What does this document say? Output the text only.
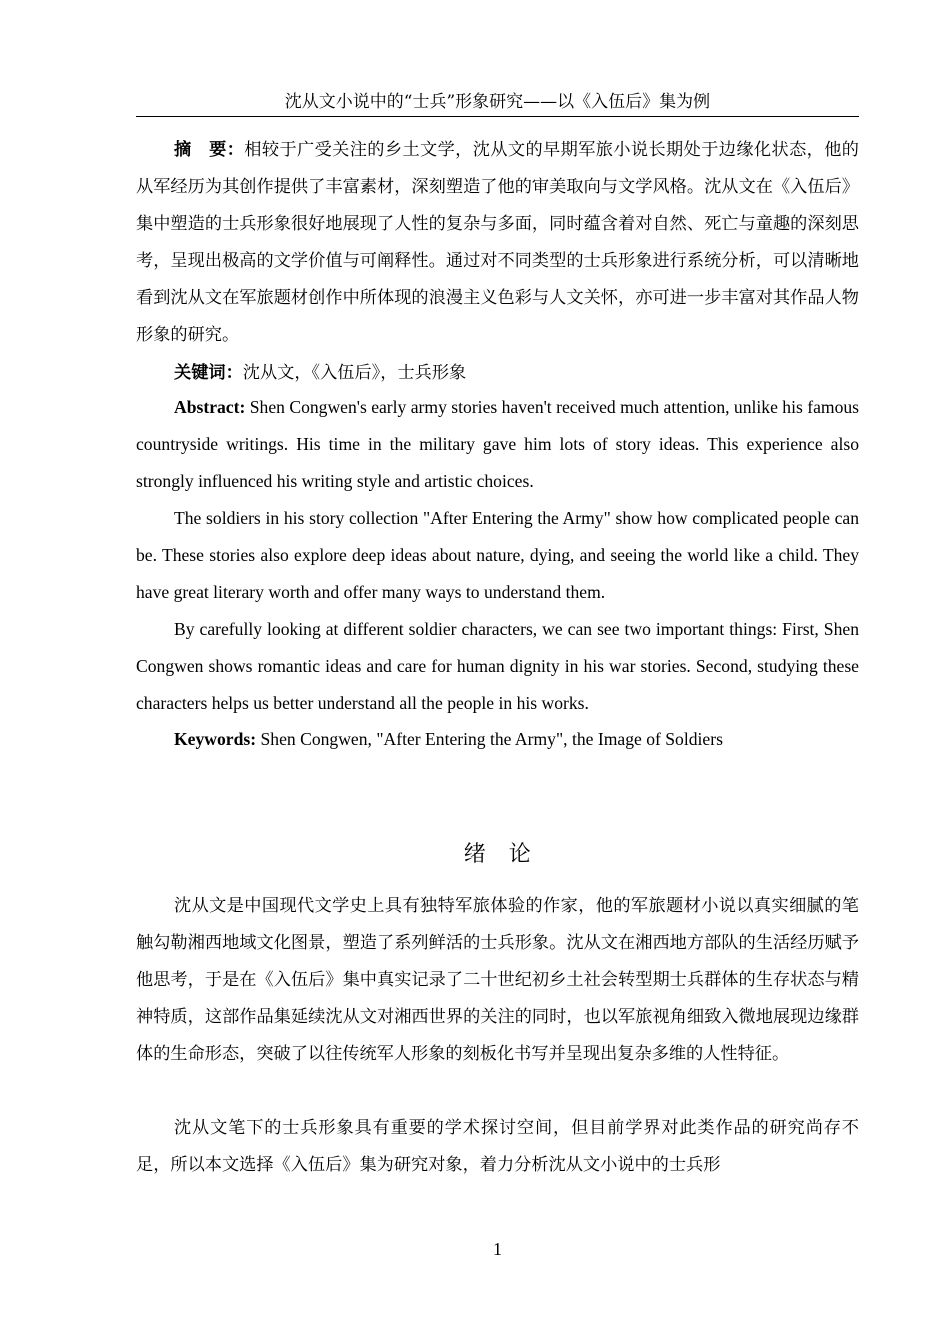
沈从文小说中的“士兵”形象研究——以《入伍后》集为例

摘　要：相较于广受关注的乡土文学，沈从文的早期军旅小说长期处于边缘化状态，他的从军经历为其创作提供了丰富素材，深刻塑造了他的审美取向与文学风格。沈从文在《入伍后》集中塑造的士兵形象很好地展现了人性的复杂与多面，同时蕴含着对自然、死亡与童趣的深刻思考，呈现出极高的文学价值与可阐释性。通过对不同类型的士兵形象进行系统分析，可以清晰地看到沈从文在军旅题材创作中所体现的浪漫主义色彩与人文关怀，亦可进一步丰富对其作品人物形象的研究。

关键词：沈从文，《入伍后》，士兵形象

Abstract: Shen Congwen's early army stories haven't received much attention, unlike his famous countryside writings. His time in the military gave him lots of story ideas. This experience also strongly influenced his writing style and artistic choices.

The soldiers in his story collection "After Entering the Army" show how complicated people can be. These stories also explore deep ideas about nature, dying, and seeing the world like a child. They have great literary worth and offer many ways to understand them.

By carefully looking at different soldier characters, we can see two important things: First, Shen Congwen shows romantic ideas and care for human dignity in his war stories. Second, studying these characters helps us better understand all the people in his works.

Keywords: Shen Congwen, "After Entering the Army", the Image of Soldiers

绪　论

沈从文是中国现代文学史上具有独特军旅体验的作家，他的军旅题材小说以真实细腻的笔触勾勒湘西地域文化图景，塑造了系列鲜活的士兵形象。沈从文在湘西地方部队的生活经历赋予他思考，于是在《入伍后》集中真实记录了二十世纪初乡土社会转型期士兵群体的生存状态与精神特质，这部作品集延续沈从文对湘西世界的关注的同时，也以军旅视角细致入微地展现边缘群体的生命形态，突破了以往传统军人形象的刻板化书写并呈现出复杂多维的人性特征。

沈从文笔下的士兵形象具有重要的学术探讨空间，但目前学界对此类作品的研究尚存不足，所以本文选择《入伍后》集为研究对象，着力分析沈从文小说中的士兵形

1
